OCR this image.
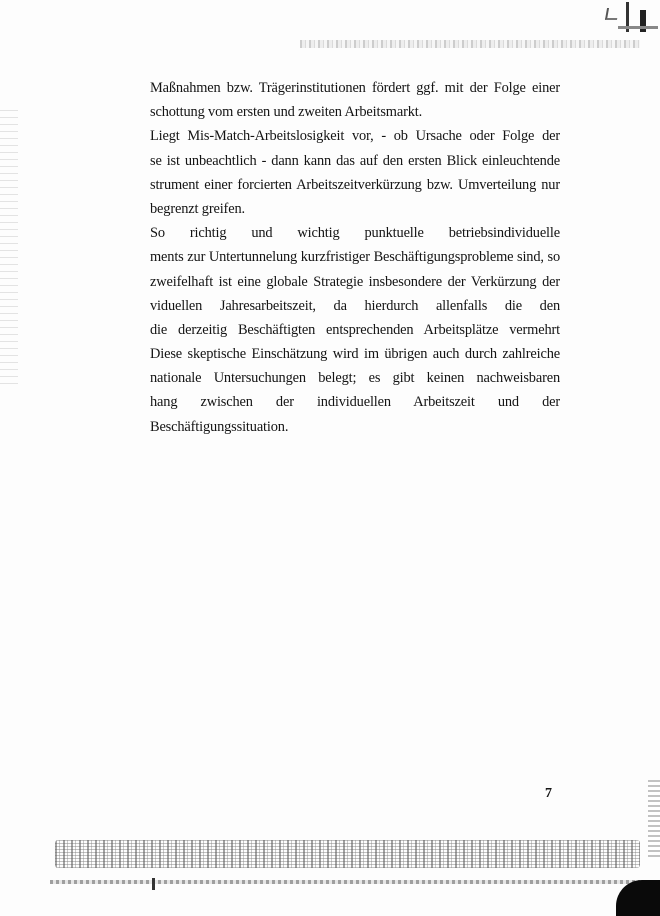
Maßnahmen bzw. Trägerinstitutionen fördert ggf. mit der Folge einer
schottung vom ersten und zweiten Arbeitsmarkt.
Liegt Mis-Match-Arbeitslosigkeit vor, - ob Ursache oder Folge der
se ist unbeachtlich - dann kann das auf den ersten Blick einleuchtende
strument einer forcierten Arbeitszeitverkürzung bzw. Umverteilung nur
begrenzt greifen.
So richtig und wichtig punktuelle betriebsindividuelle
ments zur Untertunnelung kurzfristiger Beschäftigungsprobleme sind, so
zweifelhaft ist eine globale Strategie insbesondere der Verkürzung der
viduellen Jahresarbeitszeit, da hierdurch allenfalls die den
die derzeitig Beschäftigten entsprechenden Arbeitsplätze vermehrt
Diese skeptische Einschätzung wird im übrigen auch durch zahlreiche
nationale Untersuchungen belegt; es gibt keinen nachweisbaren
hang zwischen der individuellen Arbeitszeit und der
Beschäftigungssituation.
7
